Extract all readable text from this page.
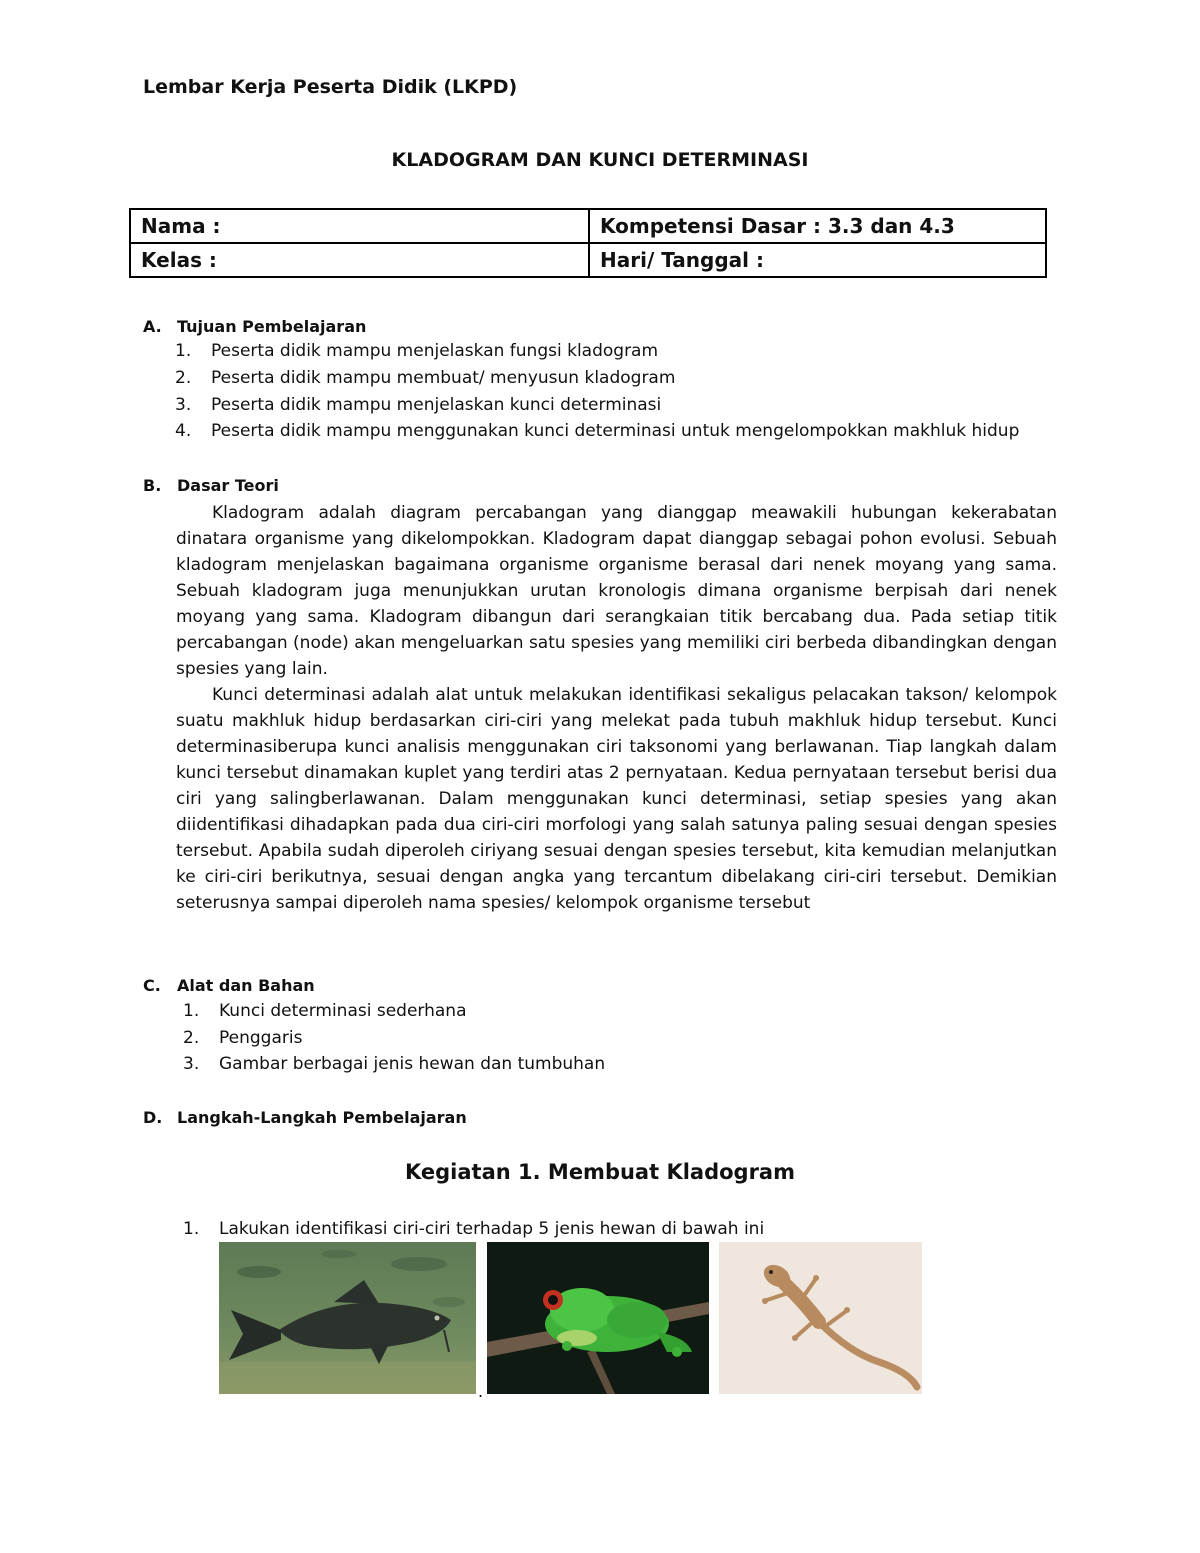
Lembar Kerja Peserta Didik (LKPD)
KLADOGRAM DAN KUNCI DETERMINASI
Nama :	Kompetensi Dasar : 3.3 dan 4.3
Kelas :	Hari/ Tanggal :
A. Tujuan Pembelajaran
1. Peserta didik mampu menjelaskan fungsi kladogram
2. Peserta didik mampu membuat/ menyusun kladogram
3. Peserta didik mampu menjelaskan kunci determinasi
4. Peserta didik mampu menggunakan kunci determinasi untuk mengelompokkan makhluk hidup
B. Dasar Teori

Kladogram adalah diagram percabangan yang dianggap meawakili hubungan kekerabatan dinatara organisme yang dikelompokkan. Kladogram dapat dianggap sebagai pohon evolusi. Sebuah kladogram menjelaskan bagaimana organisme organisme berasal dari nenek moyang yang sama. Sebuah kladogram juga menunjukkan urutan kronologis dimana organisme berpisah dari nenek moyang yang sama. Kladogram dibangun dari serangkaian titik bercabang dua. Pada setiap titik percabangan (node) akan mengeluarkan satu spesies yang memiliki ciri berbeda dibandingkan dengan spesies yang lain.

Kunci determinasi adalah alat untuk melakukan identifikasi sekaligus pelacakan takson/ kelompok suatu makhluk hidup berdasarkan ciri-ciri yang melekat pada tubuh makhluk hidup tersebut. Kunci determinasiberupa kunci analisis menggunakan ciri taksonomi yang berlawanan. Tiap langkah dalam kunci tersebut dinamakan kuplet yang terdiri atas 2 pernyataan. Kedua pernyataan tersebut berisi dua ciri yang salingberlawanan. Dalam menggunakan kunci determinasi, setiap spesies yang akan diidentifikasi dihadapkan pada dua ciri-ciri morfologi yang salah satunya paling sesuai dengan spesies tersebut. Apabila sudah diperoleh ciriyang sesuai dengan spesies tersebut, kita kemudian melanjutkan ke ciri-ciri berikutnya, sesuai dengan angka yang tercantum dibelakang ciri-ciri tersebut. Demikian seterusnya sampai diperoleh nama spesies/ kelompok organisme tersebut

C. Alat dan Bahan
1. Kunci determinasi sederhana
2. Penggaris
3. Gambar berbagai jenis hewan dan tumbuhan
D. Langkah-Langkah Pembelajaran
Kegiatan 1. Membuat Kladogram
1. Lakukan identifikasi ciri-ciri terhadap 5 jenis hewan di bawah ini
.
